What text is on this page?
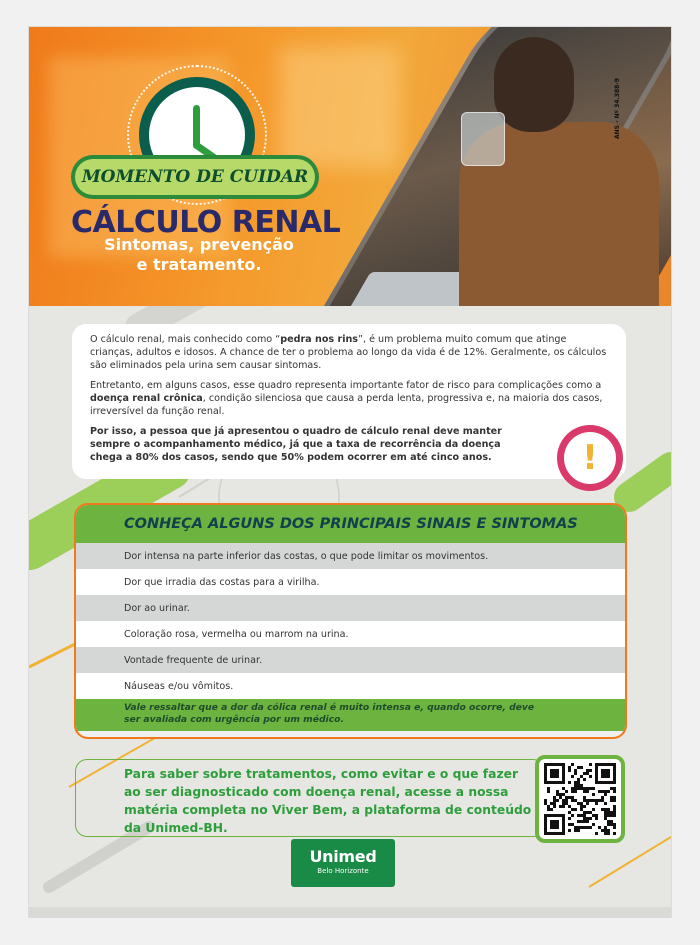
ANS - Nº 34.388-9
MOMENTO DE CUIDAR
CÁLCULO RENAL
Sintomas, prevenção
e tratamento.

O cálculo renal, mais conhecido como “pedra nos rins”, é um problema muito comum que atinge crianças, adultos e idosos. A chance de ter o problema ao longo da vida é de 12%. Geralmente, os cálculos são eliminados pela urina sem causar sintomas.

Entretanto, em alguns casos, esse quadro representa importante fator de risco para complicações como a doença renal crônica, condição silenciosa que causa a perda lenta, progressiva e, na maioria dos casos, irreversível da função renal.

Por isso, a pessoa que já apresentou o quadro de cálculo renal deve manter sempre o acompanhamento médico, já que a taxa de recorrência da doença chega a 80% dos casos, sendo que 50% podem ocorrer em até cinco anos.	!
CONHEÇA ALGUNS DOS PRINCIPAIS SINAIS E SINTOMAS
Dor intensa na parte inferior das costas, o que pode limitar os movimentos.
Dor que irradia das costas para a virilha.
Dor ao urinar.
Coloração rosa, vermelha ou marrom na urina.
Vontade frequente de urinar.
Náuseas e/ou vômitos.
Vale ressaltar que a dor da cólica renal é muito intensa e, quando ocorre, deve
ser avaliada com urgência por um médico.
Para saber sobre tratamentos, como evitar e o que fazer
ao ser diagnosticado com doença renal, acesse a nossa
matéria completa no Viver Bem, a plataforma de conteúdo
da Unimed-BH.
Unimed
Belo Horizonte
